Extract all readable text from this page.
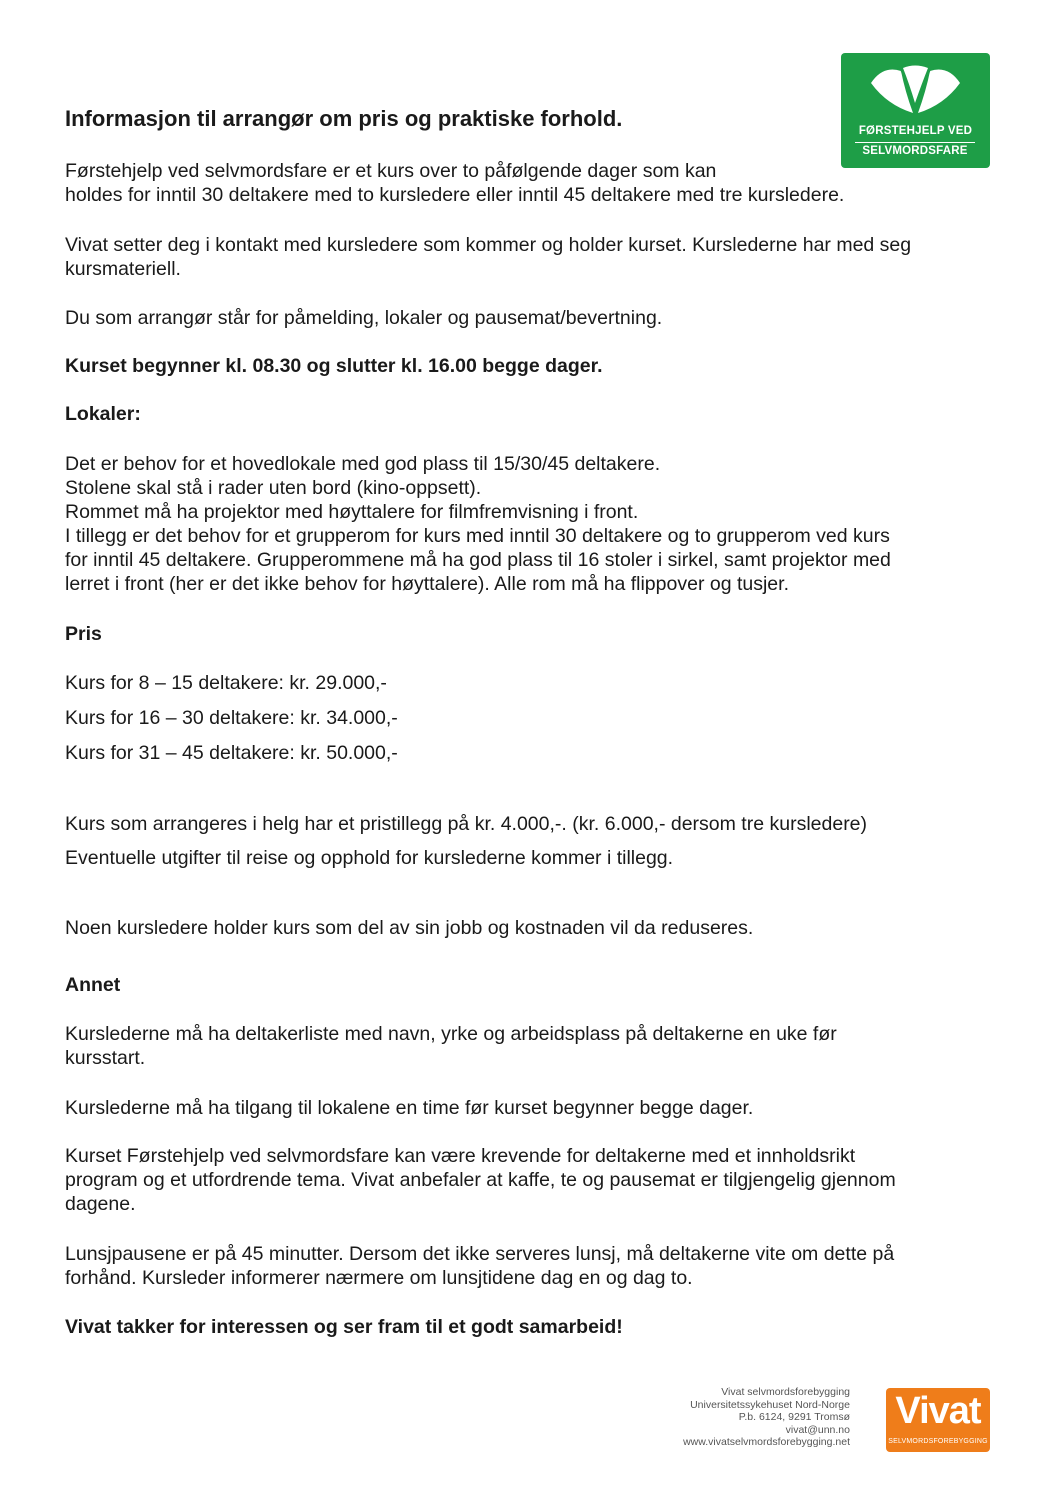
FØRSTEHJELP VED
SELVMORDSFARE
Informasjon til arrangør om pris og praktiske forhold.
Førstehjelp ved selvmordsfare er et kurs over to påfølgende dager som kan
holdes for inntil 30 deltakere med to kursledere eller inntil 45 deltakere med tre kursledere.
Vivat setter deg i kontakt med kursledere som kommer og holder kurset. Kurslederne har med seg
kursmateriell.
Du som arrangør står for påmelding, lokaler og pausemat/bevertning.
Kurset begynner kl. 08.30 og slutter kl. 16.00 begge dager.
Lokaler:
Det er behov for et hovedlokale med god plass til 15/30/45 deltakere.
Stolene skal stå i rader uten bord (kino-oppsett).
Rommet må ha projektor med høyttalere for filmfremvisning i front.
I tillegg er det behov for et grupperom for kurs med inntil 30 deltakere og to grupperom ved kurs
for inntil 45 deltakere. Grupperommene må ha god plass til 16 stoler i sirkel, samt projektor med
lerret i front (her er det ikke behov for høyttalere). Alle rom må ha flippover og tusjer.
Pris
Kurs for 8 – 15 deltakere: kr. 29.000,-
Kurs for 16 – 30 deltakere: kr. 34.000,-
Kurs for 31 – 45 deltakere: kr. 50.000,-
Kurs som arrangeres i helg har et pristillegg på kr. 4.000,-. (kr. 6.000,- dersom tre kursledere)
Eventuelle utgifter til reise og opphold for kurslederne kommer i tillegg.
Noen kursledere holder kurs som del av sin jobb og kostnaden vil da reduseres.
Annet
Kurslederne må ha deltakerliste med navn, yrke og arbeidsplass på deltakerne en uke før
kursstart.
Kurslederne må ha tilgang til lokalene en time før kurset begynner begge dager.
Kurset Førstehjelp ved selvmordsfare kan være krevende for deltakerne med et innholdsrikt
program og et utfordrende tema. Vivat anbefaler at kaffe, te og pausemat er tilgjengelig gjennom
dagene.
Lunsjpausene er på 45 minutter. Dersom det ikke serveres lunsj, må deltakerne vite om dette på
forhånd. Kursleder informerer nærmere om lunsjtidene dag en og dag to.
Vivat takker for interessen og ser fram til et godt samarbeid!
Vivat selvmordsforebygging
Universitetssykehuset Nord-Norge
P.b. 6124, 9291 Tromsø
vivat@unn.no
www.vivatselvmordsforebygging.net
Vivat
SELVMORDSFOREBYGGING
